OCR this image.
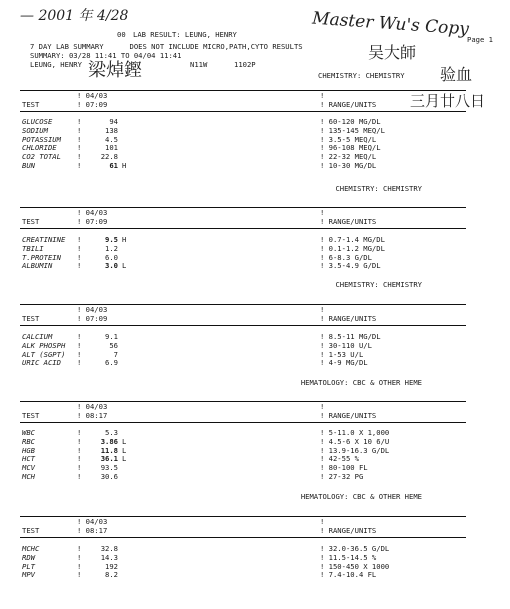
— 2001 年 4/28	Master Wu's Copy
梁焯鏗
吴大師
验血
三月廿八日
00 LAB RESULT: LEUNG, HENRY
Page 1
7 DAY LAB SUMMARY      DOES NOT INCLUDE MICRO,PATH,CYTO RESULTS
SUMMARY: 03/28 11:41 TO 04/04 11:41
LEUNG, HENRY	N11W	1102P
CHEMISTRY: CHEMISTRY
! 04/03	!
TEST	! 07:09	! RANGE/UNITS
GLUCOSE	!	94	! 60-120 MG/DL
SODIUM	!	138	! 135-145 MEQ/L
POTASSIUM !	4.5	! 3.5-5 MEQ/L
CHLORIDE	!	101	! 96-108 MEQ/L
CO2 TOTAL !	22.8	! 22-32 MEQ/L
BUN	!	61 H	! 10-30 MG/DL
CHEMISTRY: CHEMISTRY
! 04/03	!
TEST	! 07:09	! RANGE/UNITS
CREATININE !	9.5 H	! 0.7-1.4 MG/DL
TBILI	!	1.2	! 0.1-1.2 MG/DL
T.PROTEIN !	6.0	! 6-8.3 G/DL
ALBUMIN	!	3.0 L	! 3.5-4.9 G/DL
CHEMISTRY: CHEMISTRY
! 04/03	!
TEST	! 07:09	! RANGE/UNITS
CALCIUM	!	9.1	! 8.5-11 MG/DL
ALK PHOSPH !	56	! 30-110 U/L
ALT (SGPT) !	7	! 1-53 U/L
URIC ACID !	6.9	! 4-9 MG/DL
HEMATOLOGY: CBC & OTHER HEME
! 04/03	!
TEST	! 08:17	! RANGE/UNITS
WBC	!	5.3	! 5-11.0 X 1,000
RBC	!	3.86 L	! 4.5-6 X 10 6/U
HGB	!	11.8 L	! 13.9-16.3 G/DL
HCT	!	36.1 L	! 42-55 %
MCV	!	93.5	! 80-100 FL
MCH	!	30.6	! 27-32 PG
HEMATOLOGY: CBC & OTHER HEME
! 04/03	!
TEST	! 08:17	! RANGE/UNITS
MCHC	!	32.8	! 32.0-36.5 G/DL
RDW	!	14.3	! 11.5-14.5 %
PLT	!	192	! 150-450 X 1000
MPV	!	8.2	! 7.4-10.4 FL
